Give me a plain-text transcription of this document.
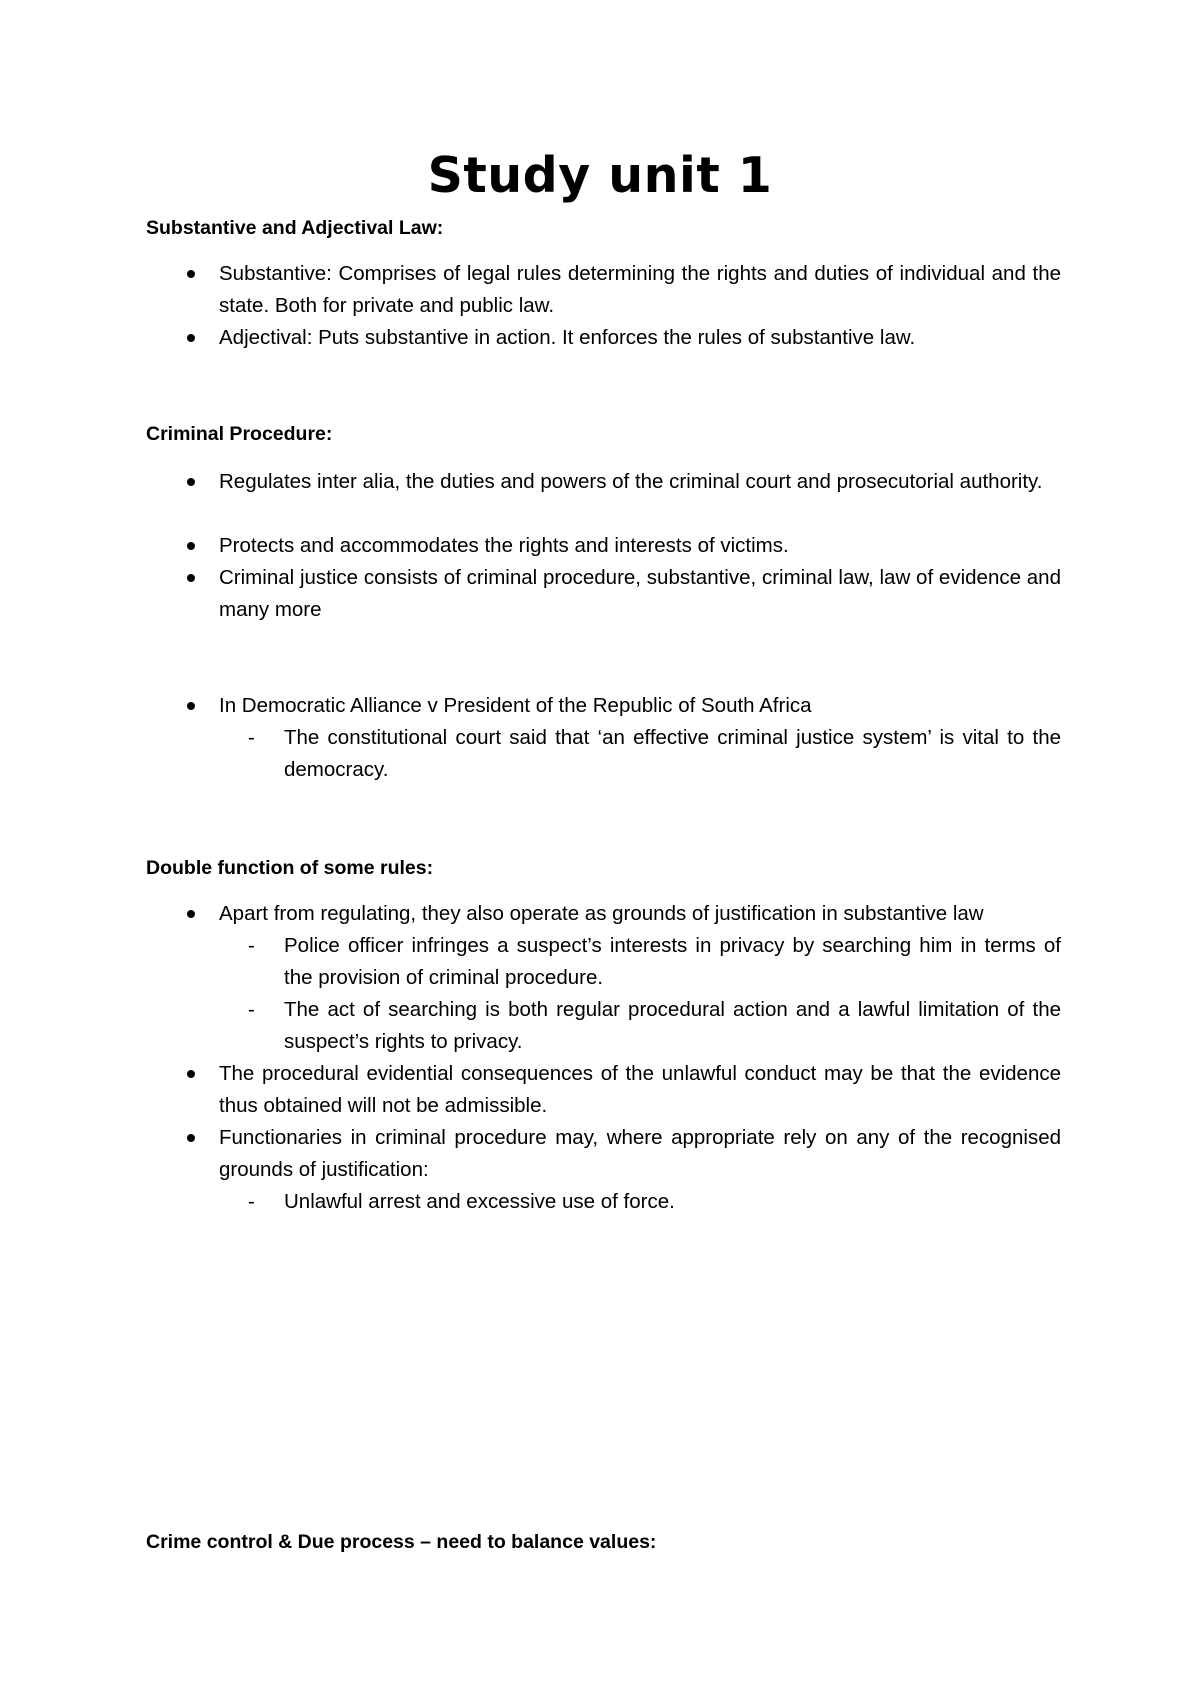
Study unit 1

Substantive and Adjectival Law:

Substantive: Comprises of legal rules determining the rights and duties of individual and the state. Both for private and public law.

Adjectival: Puts substantive in action. It enforces the rules of substantive law.

Criminal Procedure:

Regulates inter alia, the duties and powers of the criminal court and prosecutorial authority.

Protects and accommodates the rights and interests of victims.

Criminal justice consists of criminal procedure, substantive, criminal law, law of evidence and many more

In Democratic Alliance v President of the Republic of South Africa

- The constitutional court said that ‘an effective criminal justice system’ is vital to the democracy.

Double function of some rules:

Apart from regulating, they also operate as grounds of justification in substantive law

- Police officer infringes a suspect’s interests in privacy by searching him in terms of the provision of criminal procedure.

- The act of searching is both regular procedural action and a lawful limitation of the suspect’s rights to privacy.

The procedural evidential consequences of the unlawful conduct may be that the evidence thus obtained will not be admissible.

Functionaries in criminal procedure may, where appropriate rely on any of the recognised grounds of justification:

- Unlawful arrest and excessive use of force.

Crime control & Due process – need to balance values:
